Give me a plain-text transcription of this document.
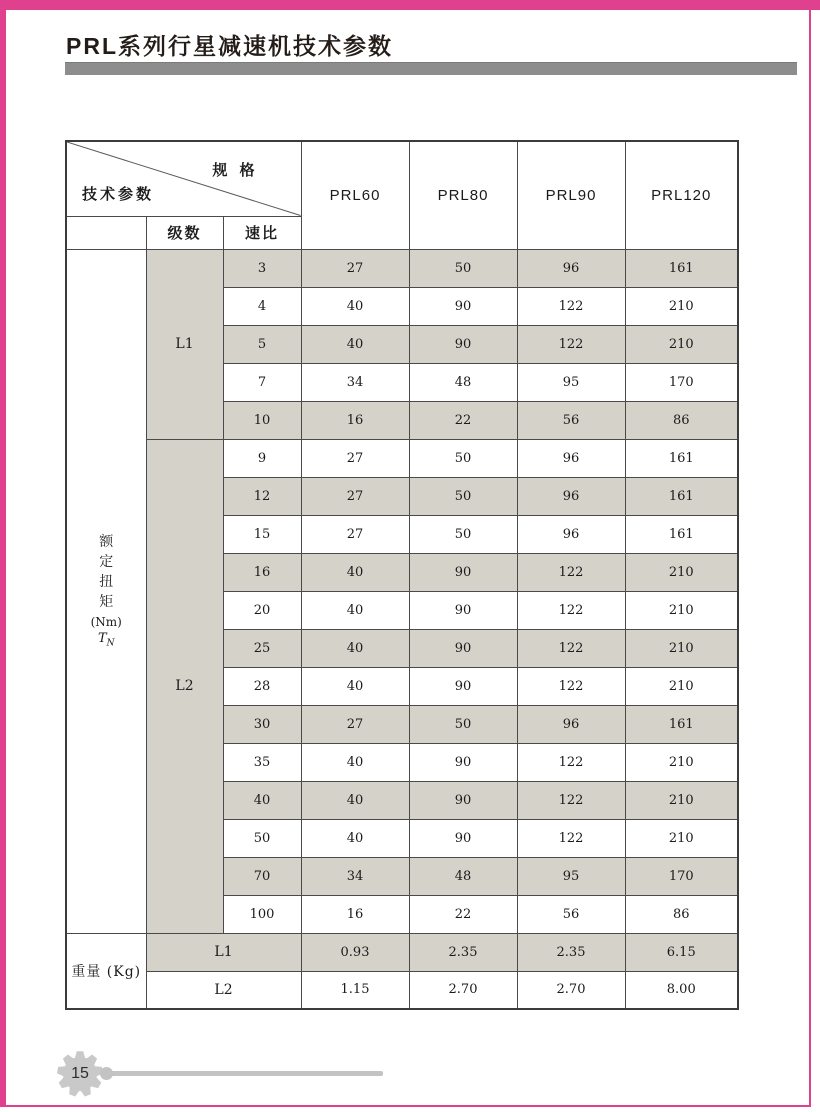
PRL系列行星减速机技术参数
规 格
技术参数			PRL60	PRL80	PRL90	PRL120
	级数	速比				

额
定
扭
矩
(Nm)
$T_N$
	L1	3	27	50	96	161
		4	40	90	122	210
		5	40	90	122	210
		7	34	48	95	170
		10	16	22	56	86
	L2	9	27	50	96	161
		12	27	50	96	161
		15	27	50	96	161
		16	40	90	122	210
		20	40	90	122	210
		25	40	90	122	210
		28	40	90	122	210
		30	27	50	96	161
		35	40	90	122	210
		40	40	90	122	210
		50	40	90	122	210
		70	34	48	95	170
		100	16	22	56	86
重量 (Kg)	L1		0.93	2.35	2.35	6.15
	L2		1.15	2.70	2.70	8.00
15
